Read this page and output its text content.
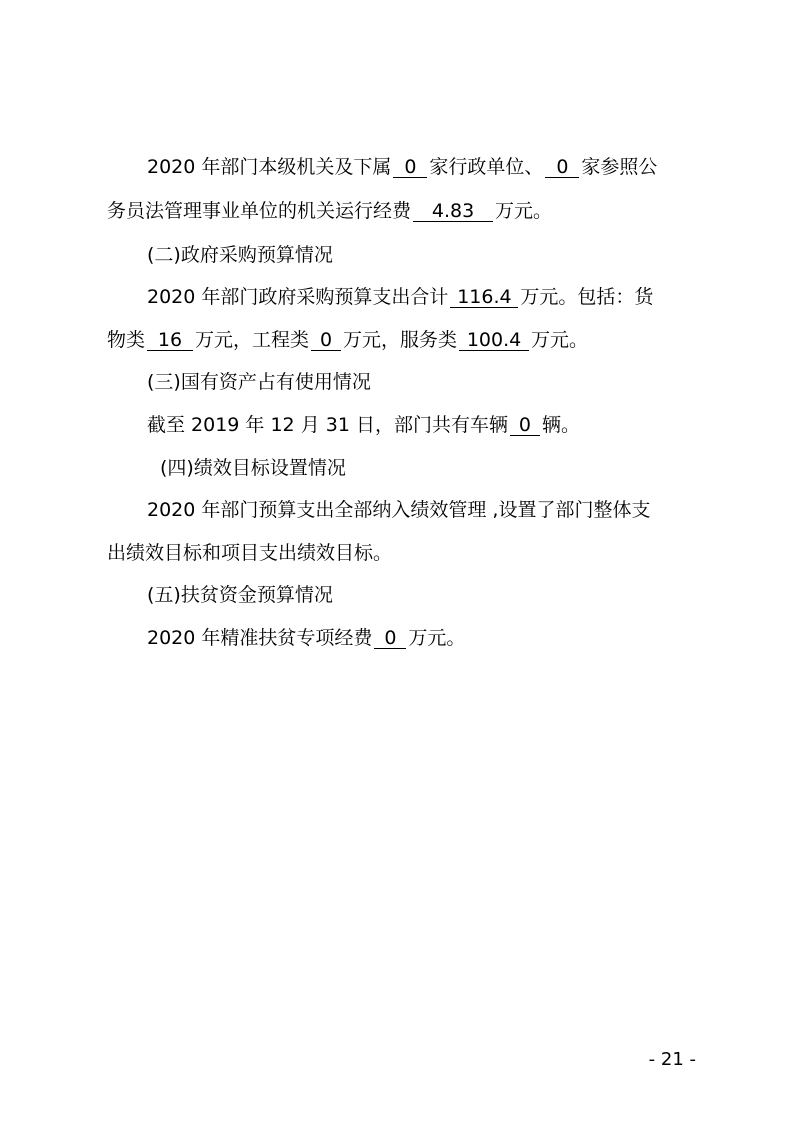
2020 年部门本级机关及下属 0 家行政单位、 0 家参照公
务员法管理事业单位的机关运行经费 4.83 万元。
(二)政府采购预算情况
2020 年部门政府采购预算支出合计 116.4 万元。包括：货
物类 16 万元，工程类 0 万元，服务类 100.4 万元。
(三)国有资产占有使用情况
截至 2019 年 12 月 31 日，部门共有车辆 0 辆。
(四)绩效目标设置情况
2020 年部门预算支出全部纳入绩效管理 ,设置了部门整体支
出绩效目标和项目支出绩效目标。
(五)扶贫资金预算情况
2020 年精准扶贫专项经费 0 万元。
- 21 -
